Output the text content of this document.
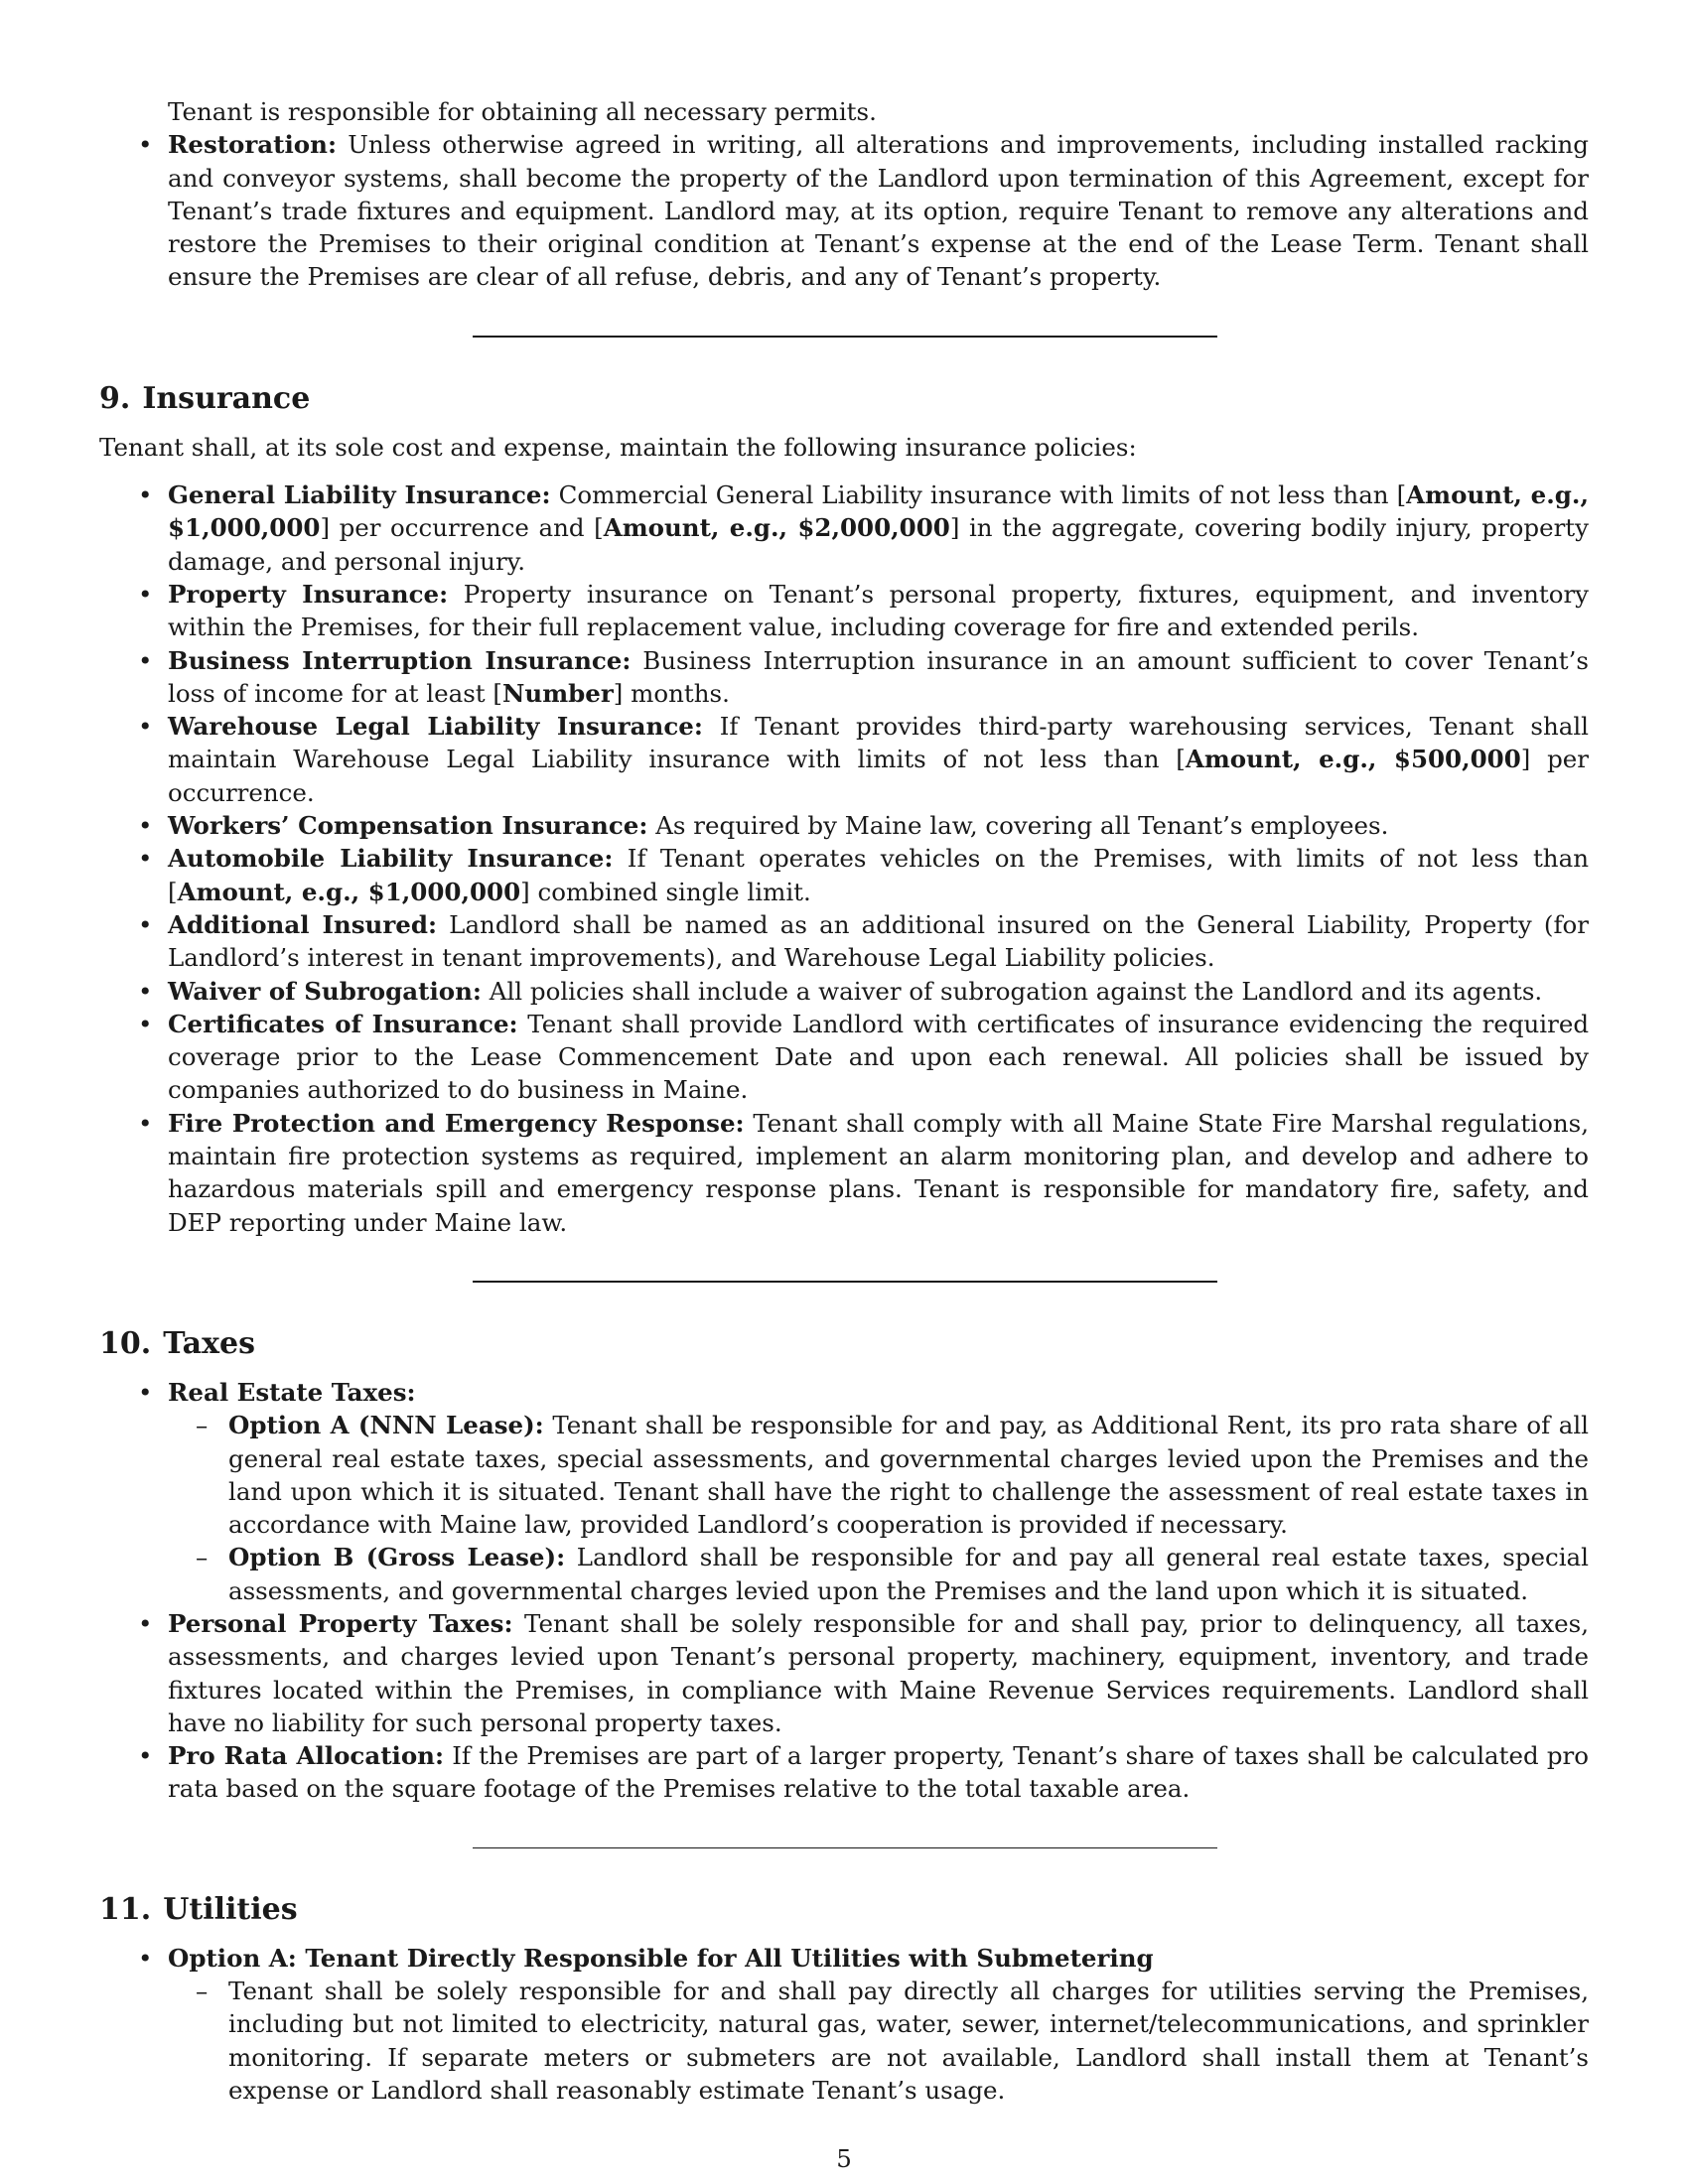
Tenant is responsible for obtaining all necessary permits.

• Restoration: Unless otherwise agreed in writing, all alterations and improvements, including installed racking and conveyor systems, shall become the property of the Landlord upon termination of this Agreement, except for Tenant’s trade fixtures and equipment. Landlord may, at its option, require Tenant to remove any alterations and restore the Premises to their original condition at Tenant’s expense at the end of the Lease Term. Tenant shall ensure the Premises are clear of all refuse, debris, and any of Tenant’s property.
9. Insurance

Tenant shall, at its sole cost and expense, maintain the following insurance policies:

• General Liability Insurance: Commercial General Liability insurance with limits of not less than [Amount, e.g., $1,000,000] per occurrence and [Amount, e.g., $2,000,000] in the aggregate, covering bodily injury, property damage, and personal injury.
• Property Insurance: Property insurance on Tenant’s personal property, fixtures, equipment, and inventory within the Premises, for their full replacement value, including coverage for fire and extended perils.
• Business Interruption Insurance: Business Interruption insurance in an amount sufficient to cover Tenant’s loss of income for at least [Number] months.
• Warehouse Legal Liability Insurance: If Tenant provides third-party warehousing services, Tenant shall maintain Warehouse Legal Liability insurance with limits of not less than [Amount, e.g., $500,000] per occurrence.
• Workers’ Compensation Insurance: As required by Maine law, covering all Tenant’s employees.
• Automobile Liability Insurance: If Tenant operates vehicles on the Premises, with limits of not less than [Amount, e.g., $1,000,000] combined single limit.
• Additional Insured: Landlord shall be named as an additional insured on the General Liability, Property (for Landlord’s interest in tenant improvements), and Warehouse Legal Liability policies.
• Waiver of Subrogation: All policies shall include a waiver of subrogation against the Landlord and its agents.
• Certificates of Insurance: Tenant shall provide Landlord with certificates of insurance evidencing the required coverage prior to the Lease Commencement Date and upon each renewal. All policies shall be issued by companies authorized to do business in Maine.
• Fire Protection and Emergency Response: Tenant shall comply with all Maine State Fire Marshal regulations, maintain fire protection systems as required, implement an alarm monitoring plan, and develop and adhere to hazardous materials spill and emergency response plans. Tenant is responsible for mandatory fire, safety, and DEP reporting under Maine law.
10. Taxes
• Real Estate Taxes:
– Option A (NNN Lease): Tenant shall be responsible for and pay, as Additional Rent, its pro rata share of all general real estate taxes, special assessments, and governmental charges levied upon the Premises and the land upon which it is situated. Tenant shall have the right to challenge the assessment of real estate taxes in accordance with Maine law, provided Landlord’s cooperation is provided if necessary.
– Option B (Gross Lease): Landlord shall be responsible for and pay all general real estate taxes, special assessments, and governmental charges levied upon the Premises and the land upon which it is situated.
• Personal Property Taxes: Tenant shall be solely responsible for and shall pay, prior to delinquency, all taxes, assessments, and charges levied upon Tenant’s personal property, machinery, equipment, inventory, and trade fixtures located within the Premises, in compliance with Maine Revenue Services requirements. Landlord shall have no liability for such personal property taxes.
• Pro Rata Allocation: If the Premises are part of a larger property, Tenant’s share of taxes shall be calculated pro rata based on the square footage of the Premises relative to the total taxable area.
11. Utilities
• Option A: Tenant Directly Responsible for All Utilities with Submetering
– Tenant shall be solely responsible for and shall pay directly all charges for utilities serving the Premises, including but not limited to electricity, natural gas, water, sewer, internet/telecommunications, and sprinkler monitoring. If separate meters or submeters are not available, Landlord shall install them at Tenant’s expense or Landlord shall reasonably estimate Tenant’s usage.
5
